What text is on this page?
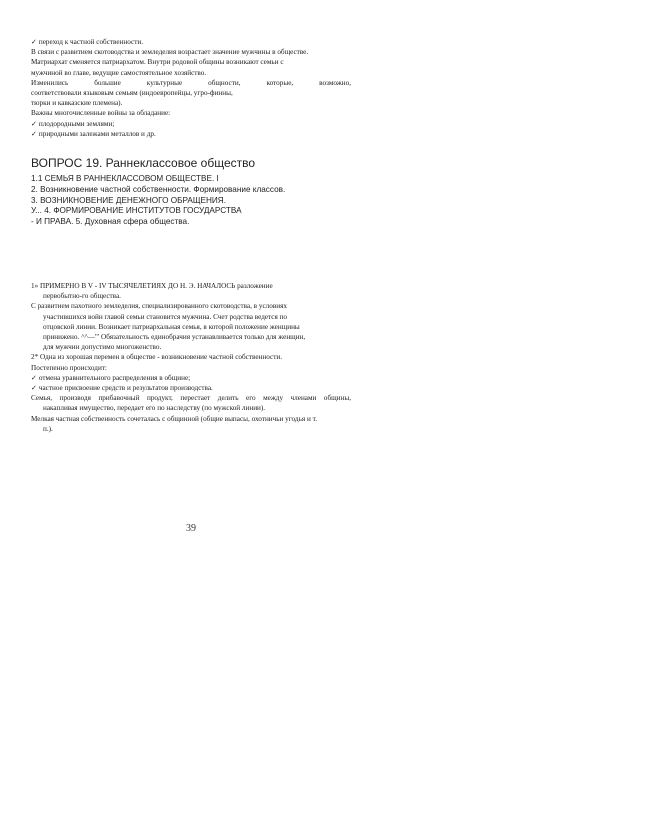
✓ переход к частной собственности.
В связи с развитием скотоводства и земледелия возрастает значение мужчины в обществе.
Матриархат сменяется патриархатом. Внутри родовой общины возникают семьи с
мужчиной во главе, ведущие самостоятельное хозяйство.
Изменились большие культурные общности, которые, возможно,
соответствовали языковым семьям (индоевропейцы, угро-финны,
тюрки и кавказские племена).
Важны многочисленные войны за обладание:
✓ плодородными землями;
✓ природными залежами металлов и др.
ВОПРОС 19. Раннеклассовое общество
1.1 СЕМЬЯ В РАННЕКЛАССОВОМ ОБЩЕСТВЕ. I
2. Возникновение частной собственности. Формирование классов.
3. ВОЗНИКНОВЕНИЕ ДЕНЕЖНОГО ОБРАЩЕНИЯ.
У... 4. ФОРМИРОВАНИЕ ИНСТИТУТОВ ГОСУДАРСТВА
- И ПРАВА. 5. Духовная сфера общества.
1» ПРИМЕРНО В V - IV ТЫСЯЧЕЛЕТИЯХ ДО Н. Э. НАЧАЛОСЬ разложение
первобытно-го общества.
С развитием пахотного земледелия, специализированного скотоводства, в условиях
участившихся войн главой семьи становится мужчина. Счет родства ведется по
отцовской линии. Возникает патриархальная семья, в которой положение женщины
принижено. ^^—'" Обязательность единобрачия устанавливается только для женщин,
для мужчин допустимо многоженство.
2* Одна из хорошая перемен в обществе - возникновение частной собственности.
Постепенно происходит:
✓ отмена уравнительного распределения в общине;
✓ частное присвоение средств и результатов производства.
Семья, производя прибавочный продукт, перестает делить его между членами общины,
накапливая имущество, передает его по наследству (по мужской линии).
Мелкая частная собственность сочеталась с общинной (общие выпасы, охотничьи угодья и т.
п.).
39
